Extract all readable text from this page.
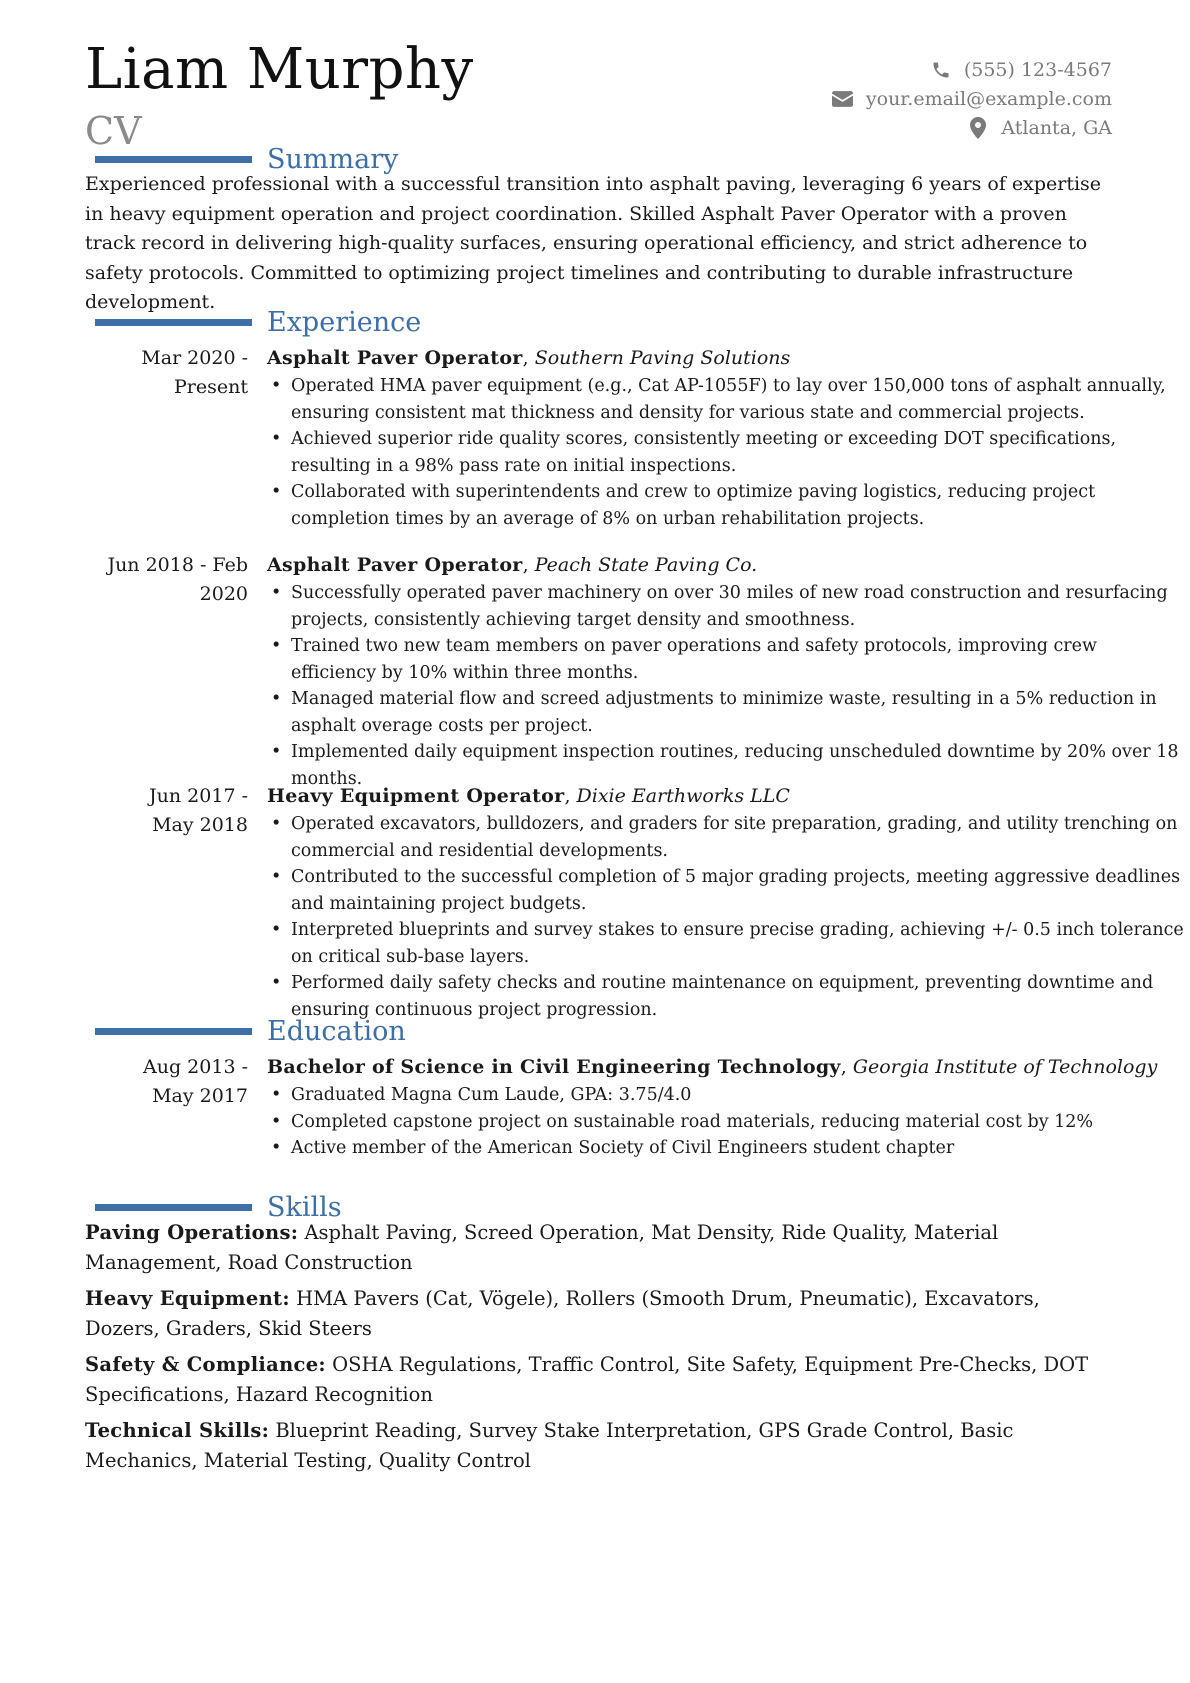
Liam Murphy
CV
(555) 123-4567
your.email@example.com
Atlanta, GA
Summary
Experienced professional with a successful transition into asphalt paving, leveraging 6 years of expertise in heavy equipment operation and project coordination. Skilled Asphalt Paver Operator with a proven track record in delivering high-quality surfaces, ensuring operational efficiency, and strict adherence to safety protocols. Committed to optimizing project timelines and contributing to durable infrastructure development.
Experience
Mar 2020 -
Present
Asphalt Paver Operator, Southern Paving Solutions
• Operated HMA paver equipment (e.g., Cat AP-1055F) to lay over 150,000 tons of asphalt annually, ensuring consistent mat thickness and density for various state and commercial projects.
• Achieved superior ride quality scores, consistently meeting or exceeding DOT specifications, resulting in a 98% pass rate on initial inspections.
• Collaborated with superintendents and crew to optimize paving logistics, reducing project completion times by an average of 8% on urban rehabilitation projects.
Jun 2018 - Feb
2020
Asphalt Paver Operator, Peach State Paving Co.
• Successfully operated paver machinery on over 30 miles of new road construction and resurfacing projects, consistently achieving target density and smoothness.
• Trained two new team members on paver operations and safety protocols, improving crew efficiency by 10% within three months.
• Managed material flow and screed adjustments to minimize waste, resulting in a 5% reduction in asphalt overage costs per project.
• Implemented daily equipment inspection routines, reducing unscheduled downtime by 20% over 18 months.
Jun 2017 -
May 2018
Heavy Equipment Operator, Dixie Earthworks LLC
• Operated excavators, bulldozers, and graders for site preparation, grading, and utility trenching on commercial and residential developments.
• Contributed to the successful completion of 5 major grading projects, meeting aggressive deadlines and maintaining project budgets.
• Interpreted blueprints and survey stakes to ensure precise grading, achieving +/- 0.5 inch tolerance on critical sub-base layers.
• Performed daily safety checks and routine maintenance on equipment, preventing downtime and ensuring continuous project progression.
Education
Aug 2013 -
May 2017
Bachelor of Science in Civil Engineering Technology, Georgia Institute of Technology
• Graduated Magna Cum Laude, GPA: 3.75/4.0
• Completed capstone project on sustainable road materials, reducing material cost by 12%
• Active member of the American Society of Civil Engineers student chapter
Skills
Paving Operations: Asphalt Paving, Screed Operation, Mat Density, Ride Quality, Material Management, Road Construction
Heavy Equipment: HMA Pavers (Cat, Vögele), Rollers (Smooth Drum, Pneumatic), Excavators, Dozers, Graders, Skid Steers
Safety & Compliance: OSHA Regulations, Traffic Control, Site Safety, Equipment Pre-Checks, DOT Specifications, Hazard Recognition
Technical Skills: Blueprint Reading, Survey Stake Interpretation, GPS Grade Control, Basic Mechanics, Material Testing, Quality Control
